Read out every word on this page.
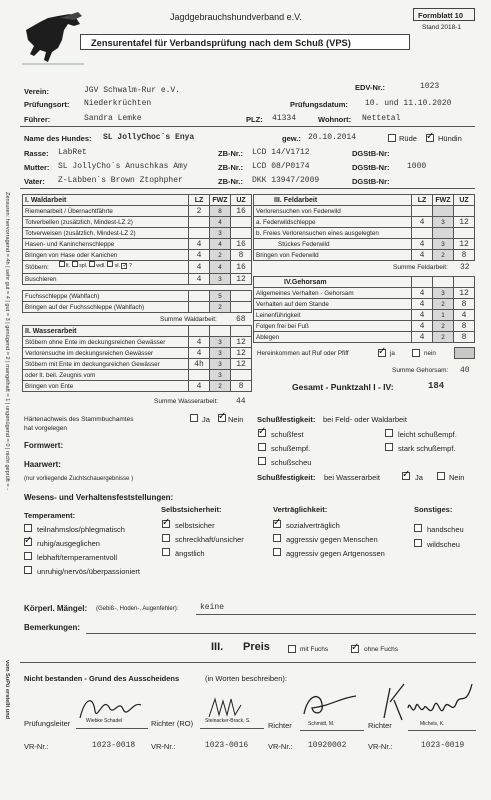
Jagdgebrauchshundverband e.V.	Formblatt 10
Stand 2018-1
Zensurentafel für Verbandsprüfung nach dem Schuß (VPS)
Verein:	JGV Schwalm-Rur e.V.	EDV-Nr.:	1023
Prüfungsort: Niederkrüchten	Prüfungsdatum: 10. und 11.10.2020
Führer:	Sandra Lemke	PLZ: 41334	Wohnort: Nettetal
Name des Hundes: SL JollyChoc´s Enya	gew.: 20.10.2014	Rüde ✓	Hündin
Rasse: LabRet	ZB-Nr.: LCD 14/V1712	DGStB-Nr:
Mutter: SL JollyCho´s Anuschkas Amy	ZB-Nr.: LCD 08/P0174	DGStB-Nr: 1000
Vater: Z-Labben´s Brown Ztophpher	ZB-Nr.: DKK 13947/2009	DGStB-Nr:
I. Waldarbeit	LZ	FWZ	UZ
Riemenarbeit / Übernachtfährte	2	8	16
Totverbellen (zusätzlich, Mindest-LZ 2)		4	
Totverweisen (zusätzlich, Mindest-LZ 2)		3	
Hasen- und Kaninchenschleppe	4	4	16
Bringen von Hase oder Kanichen	4	2	8
Stöbern: lt. spl. wdl. sl. ✓ ?	4	4	16
Buschieren	4	3	12
Fuchsschleppe (Wahlfach)		5	
Bringen auf der Fuchsschleppe (Wahlfach)		2	
Summe Waldarbeit: 68
II. Wasserarbeit			
Stöbern ohne Ente im deckungsreichen Gewässer	4	3	12
Verlorensuche im deckungsreichen Gewässer	4	3	12
Stöbern mit Ente im deckungsreichen Gewässer	4h	3	12
oder lt. beil. Zeugnis vom		3	
Bringen von Ente	4	2	8
Summe Wasserarbeit: 44
III. Feldarbeit	LZ	FWZ	UZ
Verlorensuchen von Federwild			
a. Federwildschleppe	4	3	12
b. Freies Verlorensuchen eines ausgelegten			
Stückes Federwild	4	3	12
Bringen von Federwild	4	2	8
Summe Feldarbeit: 32
IV.Gehorsam			
Allgemeines Verhalten - Gehorsam	4	3	12
Verhalten auf dem Stande	4	2	8
Leinenführigkeit	4	1	4
Folgen frei bei Fuß	4	2	8
Ablegen	4	2	8
Hereinkommen auf Ruf oder Pfiff ✓	ja	nein
Summe Gehorsam: 40
Gesamt - Punktzahl I - IV:	184
Härtenachweis des Stammbuchamtes
hat vorgelegen
Ja ✓ Nein Schußfestigkeit: bei Feld- oder Waldarbeit
✓
schußfest
schußempf.
schußscheu
leicht schußempf.
stark schußempf.
Formwert:
Haarwert:
(nur vorliegende Zuchtschauergebnisse )	Schußfestigkeit: bei Wasserarbeit ✓	Ja	Nein
Wesens- und Verhaltensfeststellungen:
Temperament:
Selbstsicherheit:	Verträglichkeit:	Sonstiges:
teilnahmslos/phlegmatisch
✓
ruhig/ausgeglichen
lebhaft/temperamentvoll
unruhig/nervös/überpassioniert
✓
selbstsicher
schreckhaft/unsicher
ängstlich
✓
sozialverträglich
aggressiv gegen Menschen
aggressiv gegen Artgenossen
handscheu
wildscheu
Körperl. Mängel: (Gebiß-, Hoden-, Augenfehler):	keine
Bemerkungen:
III. Preis	mit Fuchs ✓	ohne Fuchs
Nicht bestanden - Grund des Ausscheidens	(in Worten beschreiben):
Prüfungsleiter	Wiebke Schadel	Richter (RO) Steinacker-Brack, S. Richter	Schmidt, M.	Richter	Michels, K.
VR-Nr.:	1023-0018 VR-Nr.:	1023-0016	VR-Nr.: 10920002	VR-Nr.:	1023-0019
Zensuren: hervorragend = 4h | sehr gut = 4 | gut = 3 | genügend = 2 | mangelhaft = 1 | ungenügend = 0 | nicht geprüft = -
vom SuPü erstellt und
